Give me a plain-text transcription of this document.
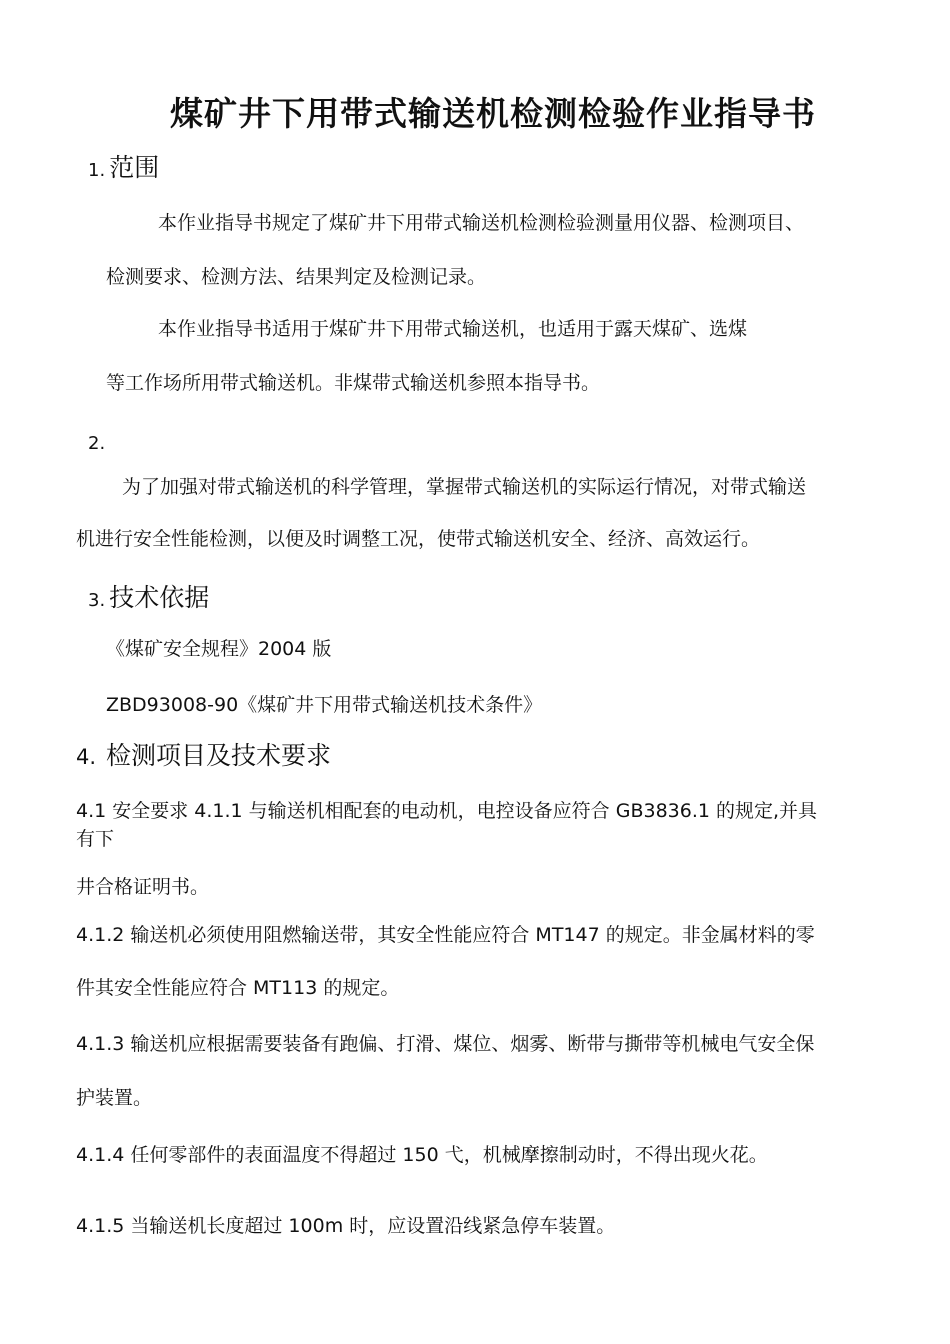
煤矿井下用带式输送机检测检验作业指导书
1. 范围
本作业指导书规定了煤矿井下用带式输送机检测检验测量用仪器、检测项目、
检测要求、检测方法、结果判定及检测记录。
本作业指导书适用于煤矿井下用带式输送机，也适用于露天煤矿、选煤
等工作场所用带式输送机。非煤带式输送机参照本指导书。
2.
为了加强对带式输送机的科学管理，掌握带式输送机的实际运行情况，对带式输送
机进行安全性能检测，以便及时调整工况，使带式输送机安全、经济、高效运行。
3. 技术依据
《煤矿安全规程》2004 版
ZBD93008-90《煤矿井下用带式输送机技术条件》
4. 检测项目及技术要求
4.1 安全要求 4.1.1 与输送机相配套的电动机，电控设备应符合 GB3836.1 的规定,并具
有下
井合格证明书。
4.1.2 输送机必须使用阻燃输送带，其安全性能应符合 MT147 的规定。非金属材料的零
件其安全性能应符合 MT113 的规定。
4.1.3 输送机应根据需要装备有跑偏、打滑、煤位、烟雾、断带与撕带等机械电气安全保
护装置。
4.1.4 任何零部件的表面温度不得超过 150 弋，机械摩擦制动时，不得出现火花。
4.1.5 当输送机长度超过 100m 时，应设置沿线紧急停车装置。
